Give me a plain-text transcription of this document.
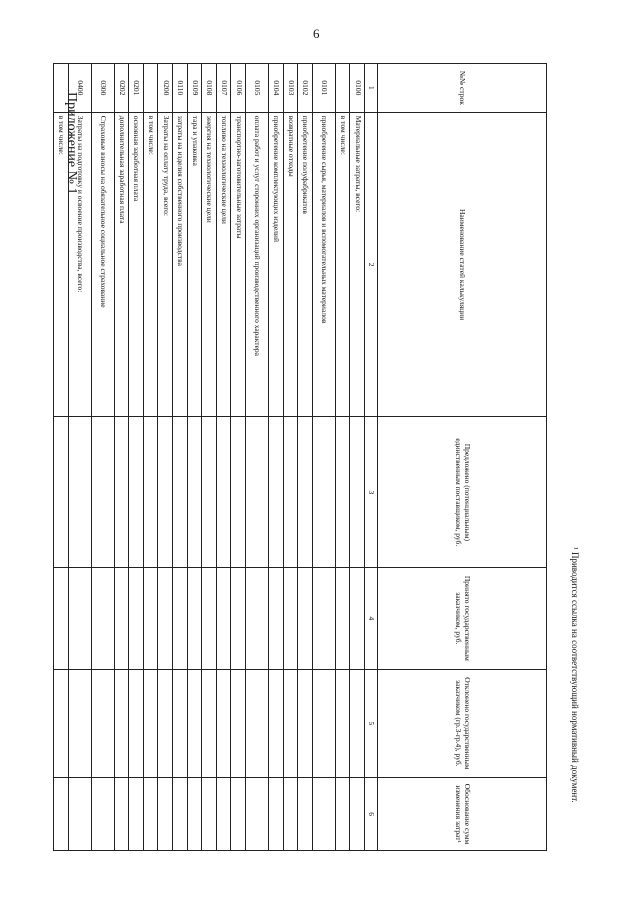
6
Приложение № 1
№№ строк	Наименование статей калькуляции	Предложено (потенциальным) единственным поставщиком, руб.	Принято государственным заказчиком, руб.	Отклонено государственным заказчиком (гр.3-гр.4), руб.	Обоснование сумм изменения затрат¹
1	2	3	4	5	6
0100	Материальные затраты, всего:				
	в том числе:				
0101	приобретение сырья, материалов и вспомогательных материалов				
0102	приобретение полуфабрикатов				
0103	возвратные отходы				
0104	приобретение комплектующих изделий				
0105	оплата работ и услуг сторонних организаций производственного характера				
0106	транспортно-заготовительные затраты				
0107	топливо на технологические цели				
0108	энергия на технологические цели				
0109	тара и упаковка				
0110	затраты на изделия собственного производства				
0200	Затраты на оплату труда, всего:				
	в том числе:				
0201	основная заработная плата				
0202	дополнительная заработная плата				
0300	Страховые взносы на обязательное социальное страхование				
0400	Затраты на подготовку и освоение производства, всего:				
	в том числе:				
¹ Приводится ссылка на соответствующий нормативный документ.
